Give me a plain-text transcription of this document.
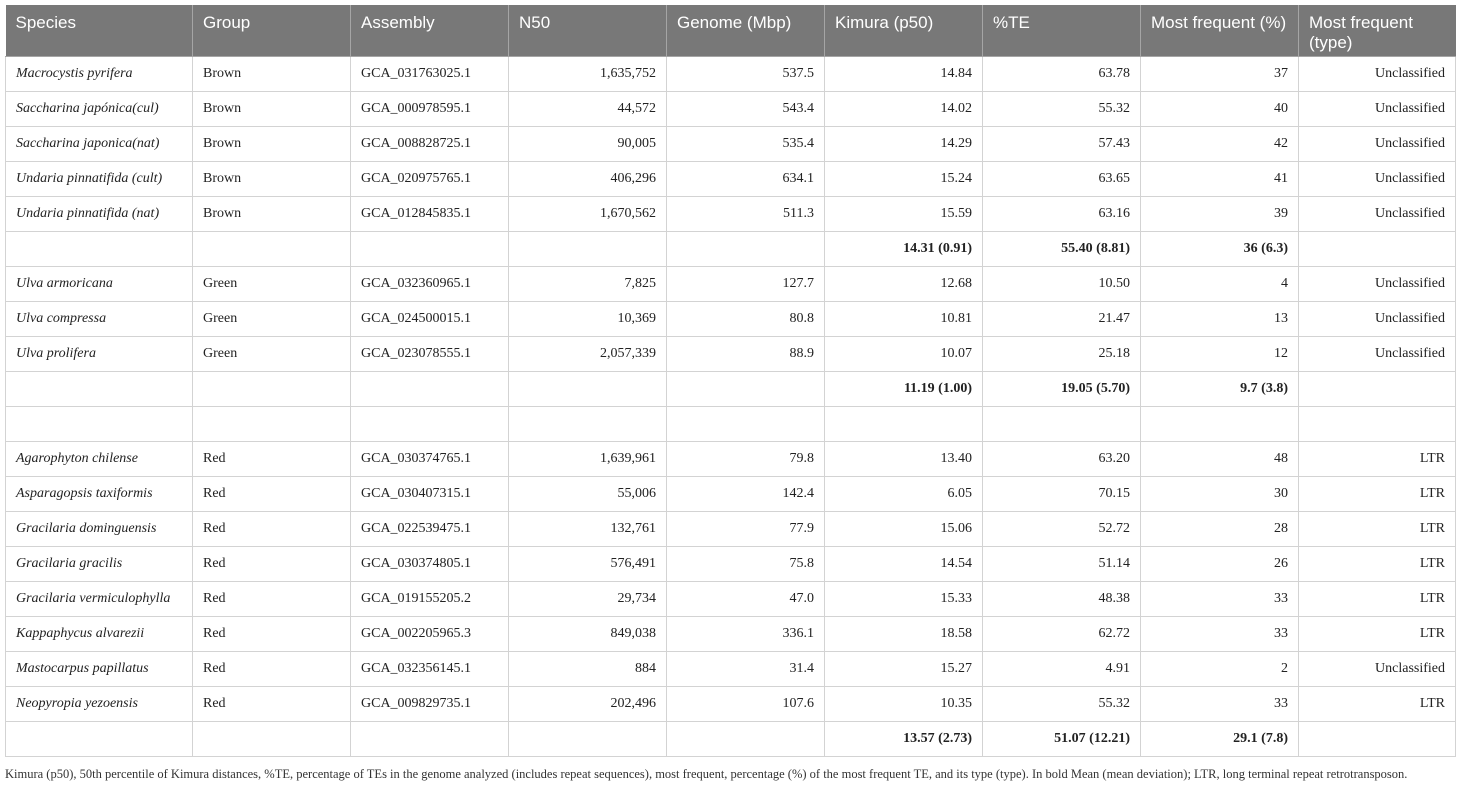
Species	Group	Assembly	N50	Genome (Mbp)	Kimura (p50)	%TE	Most frequent (%)	Most frequent (type)
Macrocystis pyrifera	Brown	GCA_031763025.1	1,635,752	537.5	14.84	63.78	37	Unclassified
Saccharina japónica(cul)	Brown	GCA_000978595.1	44,572	543.4	14.02	55.32	40	Unclassified
Saccharina japonica(nat)	Brown	GCA_008828725.1	90,005	535.4	14.29	57.43	42	Unclassified
Undaria pinnatifida (cult)	Brown	GCA_020975765.1	406,296	634.1	15.24	63.65	41	Unclassified
Undaria pinnatifida (nat)	Brown	GCA_012845835.1	1,670,562	511.3	15.59	63.16	39	Unclassified
					14.31 (0.91)	55.40 (8.81)	36 (6.3)	
Ulva armoricana	Green	GCA_032360965.1	7,825	127.7	12.68	10.50	4	Unclassified
Ulva compressa	Green	GCA_024500015.1	10,369	80.8	10.81	21.47	13	Unclassified
Ulva prolifera	Green	GCA_023078555.1	2,057,339	88.9	10.07	25.18	12	Unclassified
					11.19 (1.00)	19.05 (5.70)	9.7 (3.8)	

Agarophyton chilense	Red	GCA_030374765.1	1,639,961	79.8	13.40	63.20	48	LTR
Asparagopsis taxiformis	Red	GCA_030407315.1	55,006	142.4	6.05	70.15	30	LTR
Gracilaria dominguensis	Red	GCA_022539475.1	132,761	77.9	15.06	52.72	28	LTR
Gracilaria gracilis	Red	GCA_030374805.1	576,491	75.8	14.54	51.14	26	LTR
Gracilaria vermiculophylla	Red	GCA_019155205.2	29,734	47.0	15.33	48.38	33	LTR
Kappaphycus alvarezii	Red	GCA_002205965.3	849,038	336.1	18.58	62.72	33	LTR
Mastocarpus papillatus	Red	GCA_032356145.1	884	31.4	15.27	4.91	2	Unclassified
Neopyropia yezoensis	Red	GCA_009829735.1	202,496	107.6	10.35	55.32	33	LTR
					13.57 (2.73)	51.07 (12.21)	29.1 (7.8)	
Kimura (p50), 50th percentile of Kimura distances, %TE, percentage of TEs in the genome analyzed (includes repeat sequences), most frequent, percentage (%) of the most frequent TE, and its type (type). In bold Mean (mean deviation); LTR, long terminal repeat retrotransposon.
